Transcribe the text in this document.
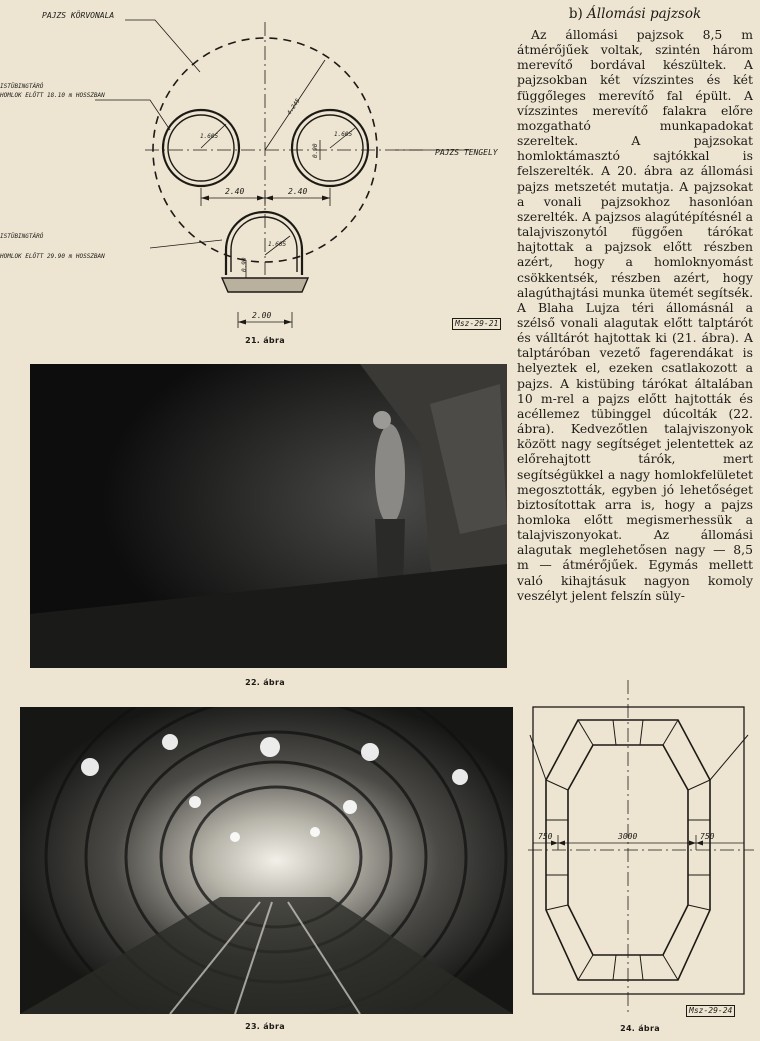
PAJZS KÖRVONALA
ISTÜBINGTÁRÓ
HOMLOK ELŐTT 18.10 m HOSSZBAN
ISTÜBINGTÁRÓ
HOMLOK ELŐTT 29.90 m HOSSZBAN
PAJZS TENGELY
1.605	1.605
0.90
4.245
2.40	2.40
1.605
0.90
2.00
Msz-29-21
21. ábra
22. ábra
23. ábra
750	3000	750
Msz-29-24
24. ábra
b) Állomási pajzsok

Az állomási pajzsok 8,5 m átmérőjűek voltak, szintén három merevítő bordával készültek. A pajzsokban két vízszintes és két függőleges merevítő fal épült. A vízszintes merevítő falakra előre mozgatható munkapadokat szereltek. A pajzsokat homloktámasztó sajtókkal is felszerelték. A 20. ábra az állomási pajzs metszetét mutatja. A pajzsokat a vonali pajzsokhoz hasonlóan szerelték. A pajzsos alagútépítésnél a talajviszonytól függően tárókat hajtottak a pajzsok előtt részben azért, hogy a homloknyomást csökkentsék, részben azért, hogy alagúthajtási munka ütemét segítsék. A Blaha Lujza téri állomásnál a szélső vonali alagutak előtt talptárót és válltárót hajtottak ki (21. ábra). A talptáróban vezető fagerendákat is helyeztek el, ezeken csatlakozott a pajzs. A kistübing tárókat általában 10 m-rel a pajzs előtt hajtották és acéllemez tübinggel dúcolták (22. ábra). Kedvezőtlen talajviszonyok között nagy segítséget jelentettek az előrehajtott tárók, mert segítségükkel a nagy homlokfelületet megosztották, egyben jó lehetőséget biztosítottak arra is, hogy a pajzs homloka előtt megismerhessük a talajviszonyokat. Az állomási alagutak meglehetősen nagy — 8,5 m — átmérőjűek. Egymás mellett való kihajtásuk nagyon komoly veszélyt jelent felszín süly-
